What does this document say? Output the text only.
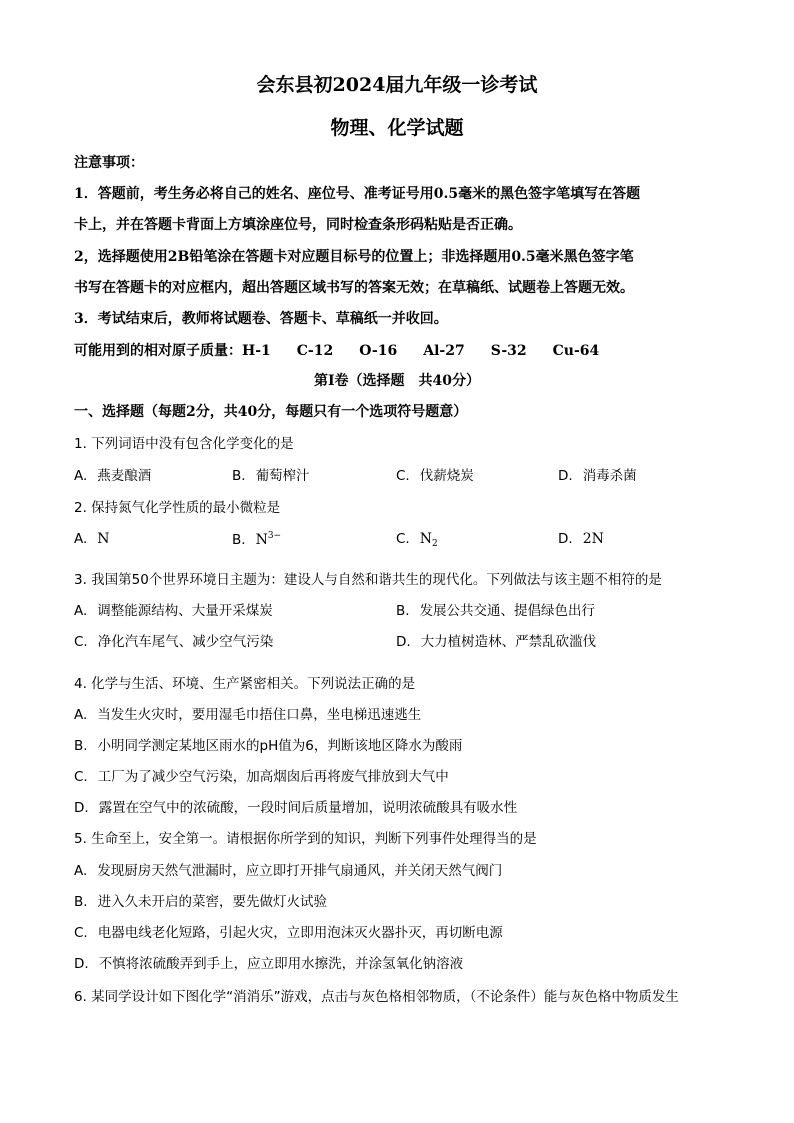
会东县初2024届九年级一诊考试
物理、化学试题
注意事项：
1．答题前，考生务必将自己的姓名、座位号、准考证号用0.5毫米的黑色签字笔填写在答题
卡上，并在答题卡背面上方填涂座位号，同时检查条形码粘贴是否正确。
2，选择题使用2B铅笔涂在答题卡对应题目标号的位置上；非选择题用0.5毫米黑色签字笔
书写在答题卡的对应框内，超出答题区域书写的答案无效；在草稿纸、试题卷上答题无效。
3．考试结束后，教师将试题卷、答题卡、草稿纸一并收回。
可能用到的相对原子质量：H-1 C-12 O-16 Al-27 S-32 Cu-64
第Ⅰ卷（选择题　共40分）
一、选择题（每题2分，共40分，每题只有一个选项符号题意）
1. 下列词语中没有包含化学变化的是
A. 燕麦酿酒	B. 葡萄榨汁	C. 伐薪烧炭	D. 消毒杀菌
2. 保持氮气化学性质的最小微粒是
A. N	B. $N^{3-}$	C. $N_2$	D. 2N
3. 我国第50个世界环境日主题为：建设人与自然和谐共生的现代化。下列做法与该主题不相符的是
A. 调整能源结构、大量开采煤炭	B. 发展公共交通、提倡绿色出行
C. 净化汽车尾气、减少空气污染	D. 大力植树造林、严禁乱砍滥伐
4. 化学与生活、环境、生产紧密相关。下列说法正确的是
A. 当发生火灾时，要用湿毛巾捂住口鼻，坐电梯迅速逃生
B. 小明同学测定某地区雨水的pH值为6，判断该地区降水为酸雨
C. 工厂为了减少空气污染，加高烟囱后再将废气排放到大气中
D. 露置在空气中的浓硫酸，一段时间后质量增加，说明浓硫酸具有吸水性
5. 生命至上，安全第一。请根据你所学到的知识，判断下列事件处理得当的是
A. 发现厨房天然气泄漏时，应立即打开排气扇通风，并关闭天然气阀门
B. 进入久未开启的菜窖，要先做灯火试验
C. 电器电线老化短路，引起火灾，立即用泡沫灭火器扑灭，再切断电源
D. 不慎将浓硫酸弄到手上，应立即用水擦洗，并涂氢氧化钠溶液
6. 某同学设计如下图化学“消消乐”游戏，点击与灰色格相邻物质，（不论条件）能与灰色格中物质发生
